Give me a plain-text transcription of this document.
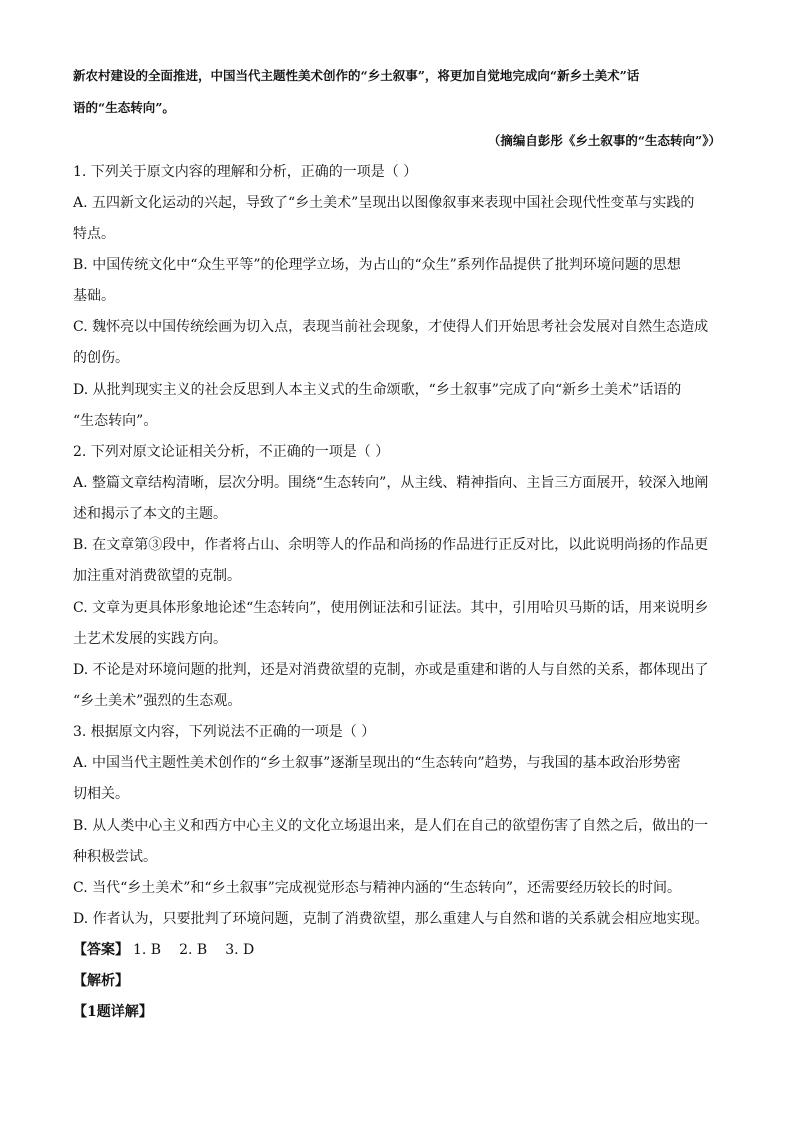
新农村建设的全面推进，中国当代主题性美术创作的“乡土叙事”，将更加自觉地完成向“新乡土美术”话
语的“生态转向”。
（摘编自彭彤《乡土叙事的“生态转向”》）
1. 下列关于原文内容的理解和分析，正确的一项是（ ）
A. 五四新文化运动的兴起，导致了“乡土美术”呈现出以图像叙事来表现中国社会现代性变革与实践的
特点。
B. 中国传统文化中“众生平等”的伦理学立场，为占山的“众生”系列作品提供了批判环境问题的思想
基础。
C. 魏怀亮以中国传统绘画为切入点，表现当前社会现象，才使得人们开始思考社会发展对自然生态造成
的创伤。
D. 从批判现实主义的社会反思到人本主义式的生命颂歌，“乡土叙事”完成了向“新乡土美术”话语的
“生态转向”。
2. 下列对原文论证相关分析，不正确的一项是（ ）
A. 整篇文章结构清晰，层次分明。围绕“生态转向”，从主线、精神指向、主旨三方面展开，较深入地阐
述和揭示了本文的主题。
B. 在文章第③段中，作者将占山、余明等人的作品和尚扬的作品进行正反对比，以此说明尚扬的作品更
加注重对消费欲望的克制。
C. 文章为更具体形象地论述“生态转向”，使用例证法和引证法。其中，引用哈贝马斯的话，用来说明乡
土艺术发展的实践方向。
D. 不论是对环境问题的批判，还是对消费欲望的克制，亦或是重建和谐的人与自然的关系，都体现出了
“乡土美术”强烈的生态观。
3. 根据原文内容，下列说法不正确的一项是（ ）
A. 中国当代主题性美术创作的“乡土叙事”逐渐呈现出的“生态转向”趋势，与我国的基本政治形势密
切相关。
B. 从人类中心主义和西方中心主义的文化立场退出来，是人们在自己的欲望伤害了自然之后，做出的一
种积极尝试。
C. 当代“乡土美术”和“乡土叙事”完成视觉形态与精神内涵的“生态转向”，还需要经历较长的时间。
D. 作者认为，只要批判了环境问题，克制了消费欲望，那么重建人与自然和谐的关系就会相应地实现。
【答案】 1. B 2. B 3. D
【解析】
【1题详解】
